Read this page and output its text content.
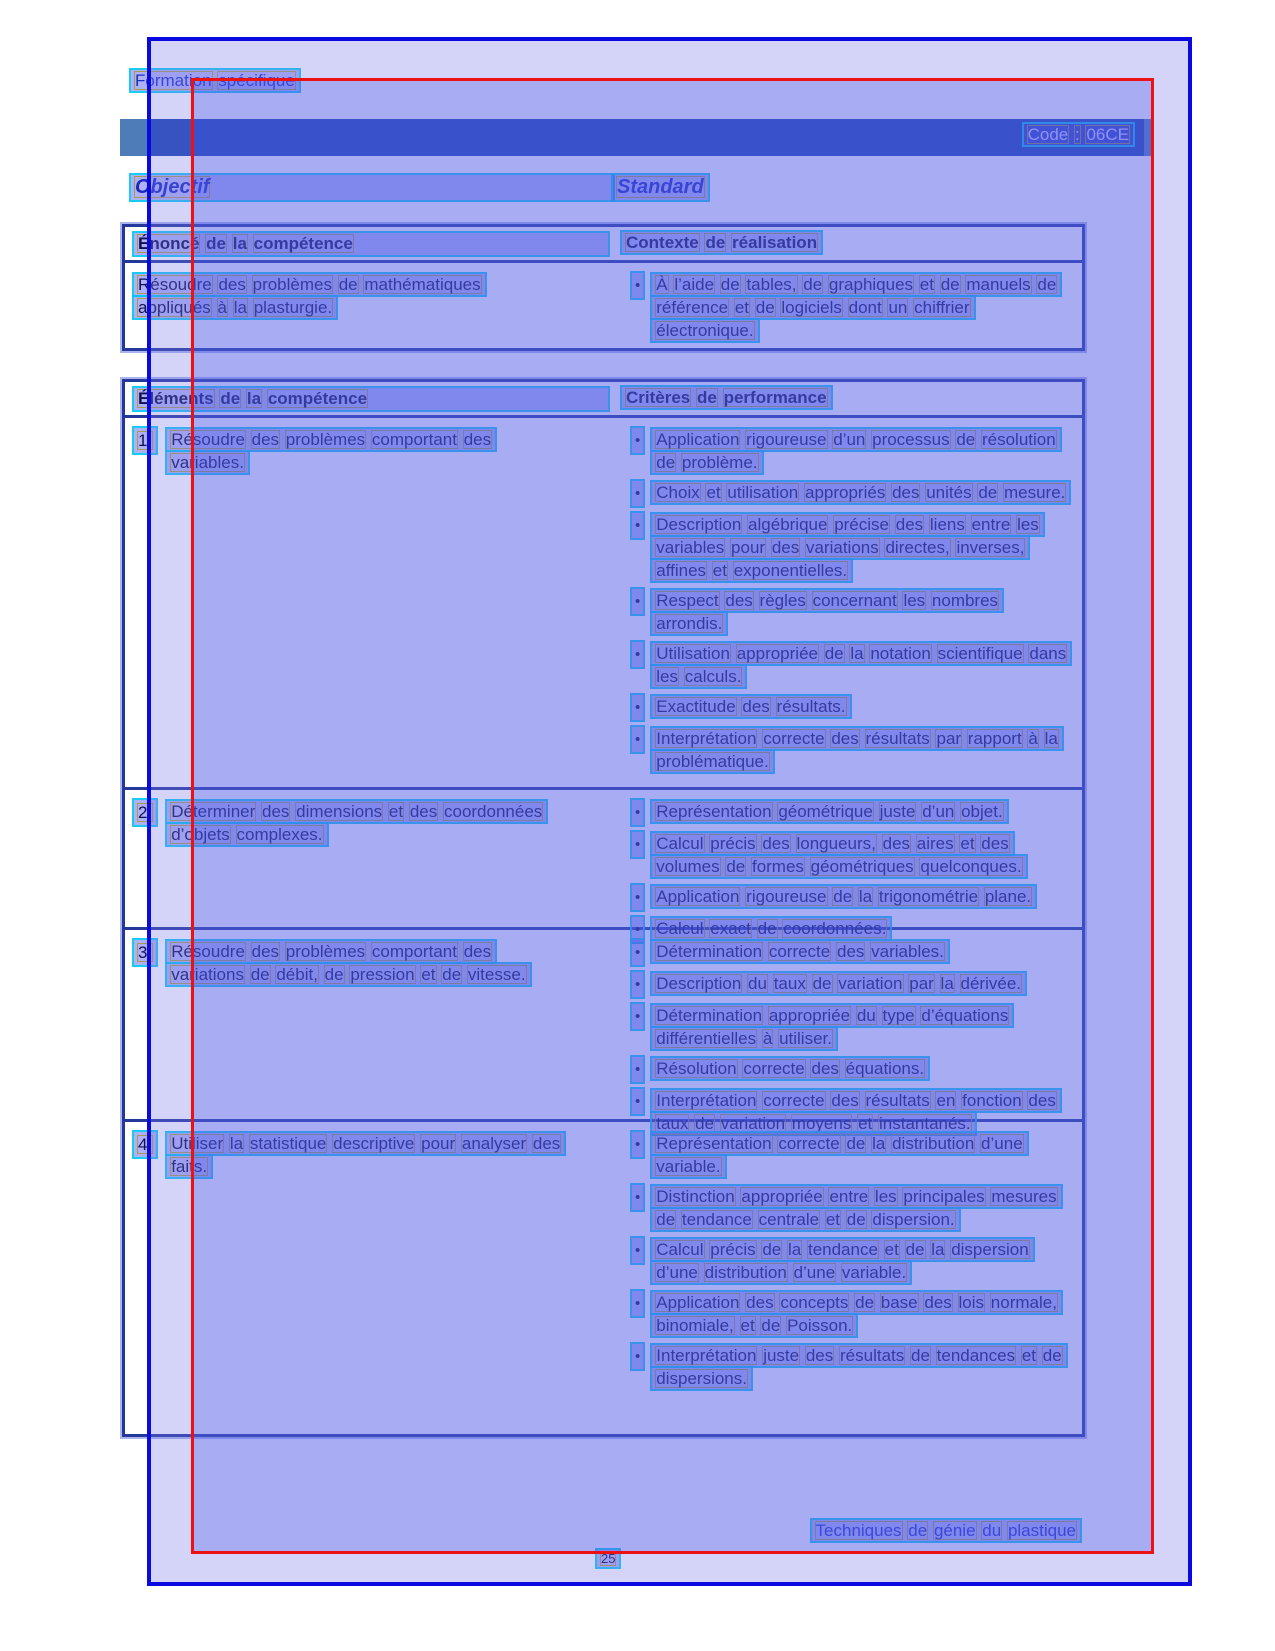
Formation spécifique
Code : 06CE
Objectif	Standard
Énoncé de la compétence	Contexte de réalisation
Résoudre des problèmes de mathématiques appliqués à la plasturgie.
• À l’aide de tables, de graphiques et de manuels de référence et de logiciels dont un chiffrier électronique.
Éléments de la compétence	Critères de performance
1. Résoudre des problèmes comportant des variables.
• Application rigoureuse d’un processus de résolution de problème.
• Choix et utilisation appropriés des unités de mesure.
• Description algébrique précise des liens entre les variables pour des variations directes, inverses, affines et exponentielles.
• Respect des règles concernant les nombres arrondis.
• Utilisation appropriée de la notation scientifique dans les calculs.
• Exactitude des résultats.
• Interprétation correcte des résultats par rapport à la problématique.
2. Déterminer des dimensions et des coordonnées d’objets complexes.
• Représentation géométrique juste d’un objet.
• Calcul précis des longueurs, des aires et des volumes de formes géométriques quelconques.
• Application rigoureuse de la trigonométrie plane.
• Calcul exact de coordonnées.
3. Résoudre des problèmes comportant des variations de débit, de pression et de vitesse.
• Détermination correcte des variables.
• Description du taux de variation par la dérivée.
• Détermination appropriée du type d’équations différentielles à utiliser.
• Résolution correcte des équations.
• Interprétation correcte des résultats en fonction des taux de variation moyens et instantanés.
4. Utiliser la statistique descriptive pour analyser des faits.
• Représentation correcte de la distribution d’une variable.
• Distinction appropriée entre les principales mesures de tendance centrale et de dispersion.
• Calcul précis de la tendance et de la dispersion d’une distribution d’une variable.
• Application des concepts de base des lois normale, binomiale, et de Poisson.
• Interprétation juste des résultats de tendances et de dispersions.
Techniques de génie du plastique
25
